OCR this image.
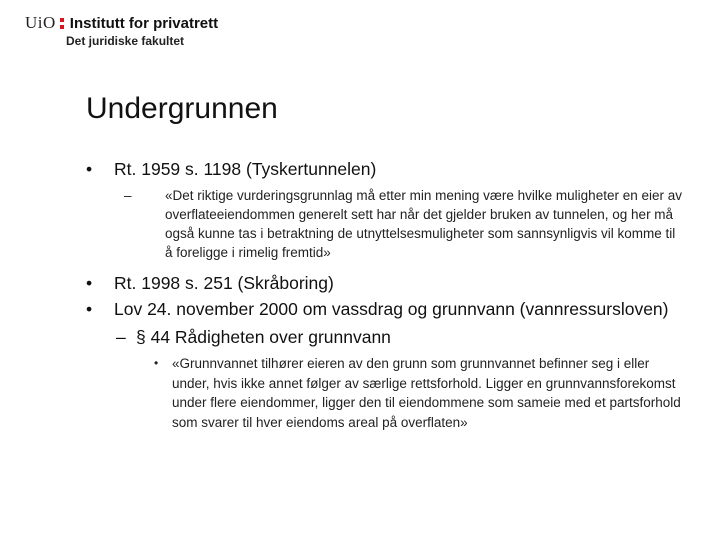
UiO Institutt for privatrett
Det juridiske fakultet
Undergrunnen
• Rt. 1959 s. 1198 (Tyskertunnelen)
– «Det riktige vurderingsgrunnlag må etter min mening være hvilke muligheter en eier av overflateeiendommen generelt sett har når det gjelder bruken av tunnelen, og her må også kunne tas i betraktning de utnyttelsesmuligheter som sannsynligvis vil komme til å foreligge i rimelig fremtid»
• Rt. 1998 s. 251 (Skråboring)
• Lov 24. november 2000 om vassdrag og grunnvann (vannressursloven)
– § 44 Rådigheten over grunnvann
• «Grunnvannet tilhører eieren av den grunn som grunnvannet befinner seg i eller under, hvis ikke annet følger av særlige rettsforhold. Ligger en grunnvannsforekomst under flere eiendommer, ligger den til eiendommene som sameie med et partsforhold som svarer til hver eiendoms areal på overflaten»
